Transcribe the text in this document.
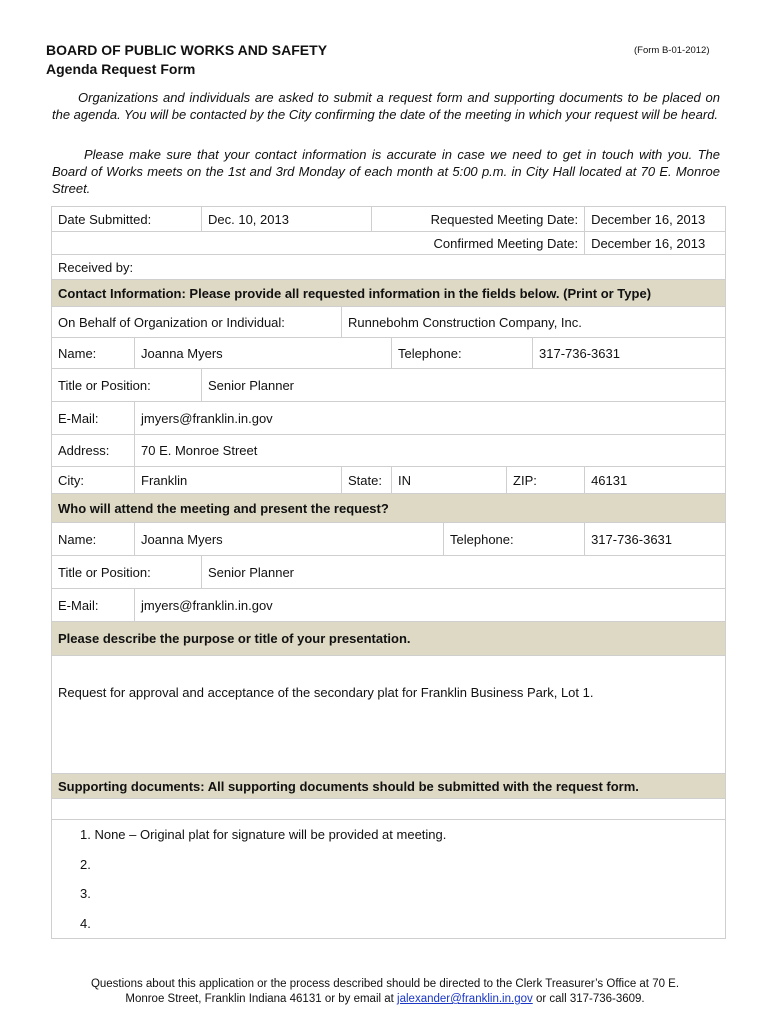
BOARD OF PUBLIC WORKS AND SAFETY
Agenda Request Form
(Form B-01-2012)

Organizations and individuals are asked to submit a request form and supporting documents to be placed on the agenda. You will be contacted by the City confirming the date of the meeting in which your request will be heard.

Please make sure that your contact information is accurate in case we need to get in touch with you. The Board of Works meets on the 1st and 3rd Monday of each month at 5:00 p.m. in City Hall located at 70 E. Monroe Street.

Date Submitted:		Dec. 10, 2013		Requested Meeting Date:					December 16, 2013
Confirmed Meeting Date:									December 16, 2013
Received by:									
Contact Information: Please provide all requested information in the fields below. (Print or Type)									
On Behalf of Organization or Individual:			Runnebohm Construction Company, Inc.						
Name:	Joanna Myers				Telephone:			317-736-3631	
Title or Position:		Senior Planner							
E-Mail:	jmyers@franklin.in.gov								
Address:	70 E. Monroe Street								
City:	Franklin		State:		IN		ZIP:		46131
Who will attend the meeting and present the request?									
Name:	Joanna Myers					Telephone:			317-736-3631
Title or Position:		Senior Planner							
E-Mail:	jmyers@franklin.in.gov								
Please describe the purpose or title of your presentation.									
Request for approval and acceptance of the secondary plat for Franklin Business Park, Lot 1.									
Supporting documents: All supporting documents should be submitted with the request form.									

1. None – Original plat for signature will be provided at meeting.									
2.									
3.									
4.									
Questions about this application or the process described should be directed to the Clerk Treasurer’s Office at 70 E.
Monroe Street, Franklin Indiana 46131 or by email at jalexander@franklin.in.gov or call 317-736-3609.
